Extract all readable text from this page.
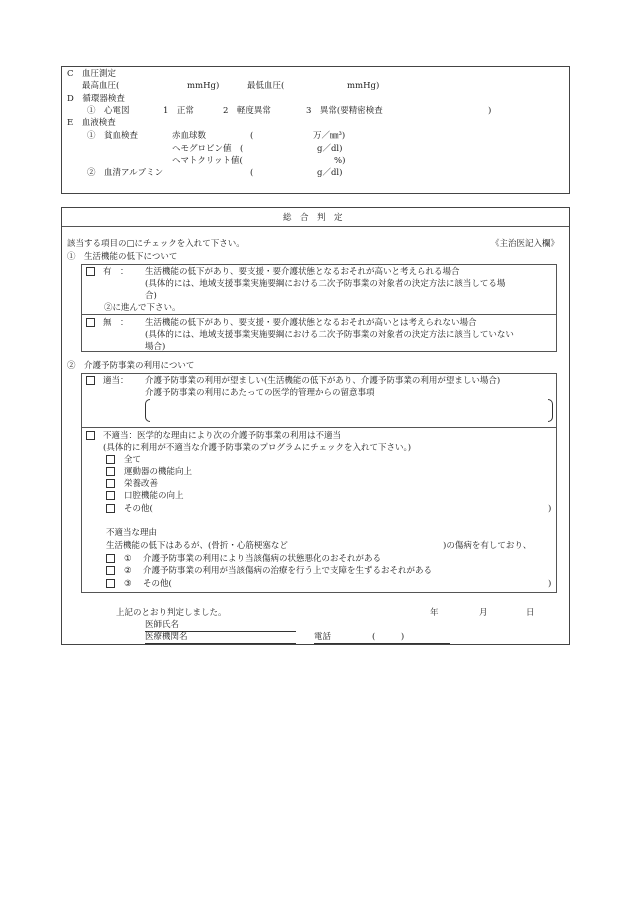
C　血圧測定
最高血圧(	mmHg)	最低血圧(	mmHg)
D　循環器検査
①　心電図	1　正常	2　軽度異常	3　異常(要精密検査	)
E　血液検査
①　貧血検査	赤血球数	(	万／㎜³)
ヘモグロビン値　(	g／dl)
ヘマトクリット値(	%)
②　血清アルブミン	(	g／dl)
総　合　判　定
該当する項目の□にチェックを入れて下さい。	《主治医記入欄》
①　生活機能の低下について
有　： 生活機能の低下があり、要支援・要介護状態となるおそれが高いと考えられる場合
(具体的には、地域支援事業実施要綱における二次予防事業の対象者の決定方法に該当してる場
合)
②に進んで下さい。
無　： 生活機能の低下があり、要支援・要介護状態となるおそれが高いとは考えられない場合
(具体的には、地域支援事業実施要綱における二次予防事業の対象者の決定方法に該当していない
場合)
②　介護予防事業の利用について
適当： 介護予防事業の利用が望ましい(生活機能の低下があり、介護予防事業の利用が望ましい場合)
介護予防事業の利用にあたっての医学的管理からの留意事項
不適当：医学的な理由により次の介護予防事業の利用は不適当
(具体的に利用が不適当な介護予防事業のプログラムにチェックを入れて下さい。)
全て
運動器の機能向上
栄養改善
口腔機能の向上
その他(	)
不適当な理由
生活機能の低下はあるが、(骨折・心筋梗塞など	)の傷病を有しており、
① 介護予防事業の利用により当該傷病の状態悪化のおそれがある
② 介護予防事業の利用が当該傷病の治療を行う上で支障を生ずるおそれがある
③ その他(	)
上記のとおり判定しました。	年	月	日
医師氏名
医療機関名	電話	(　　　)
